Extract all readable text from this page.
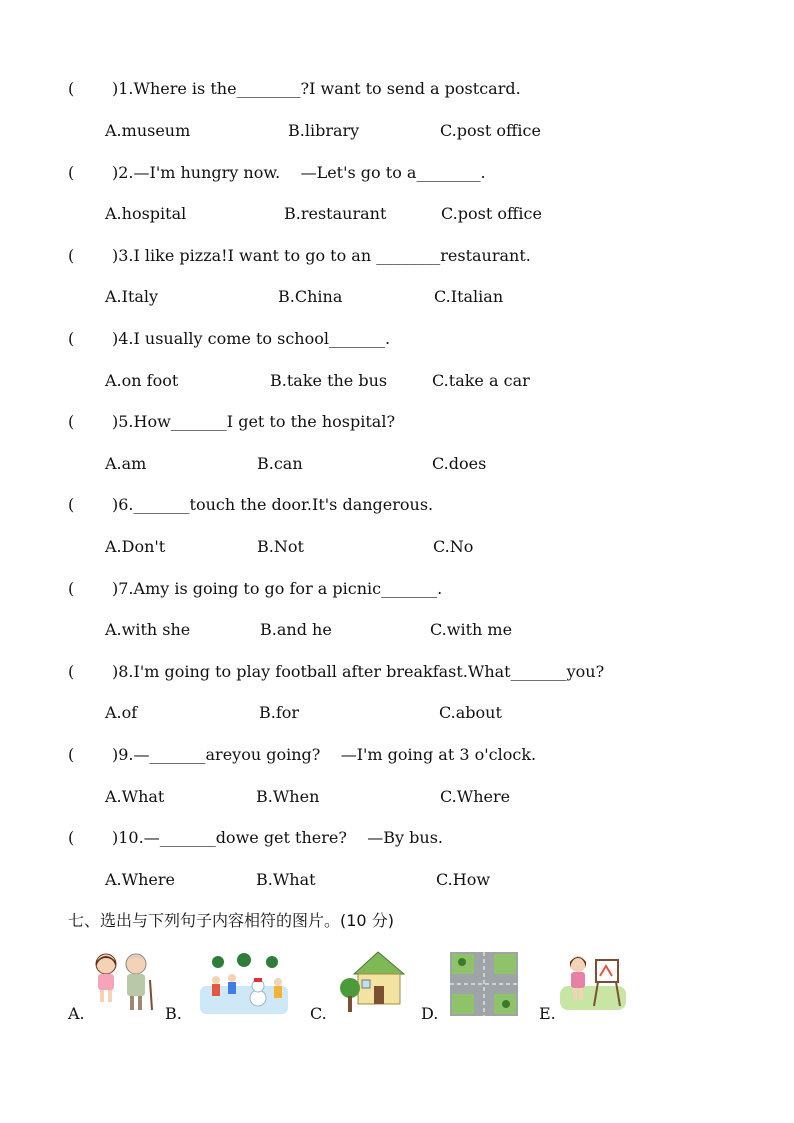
( )1.Where is the________?I want to send a postcard.
A.museum	B.library	C.post office
( )2.—I'm hungry now.    —Let's go to a________.
A.hospital	B.restaurant	C.post office
( )3.I like pizza!I want to go to an ________restaurant.
A.Italy	B.China	C.Italian
( )4.I usually come to school_______.
A.on foot	B.take the bus	C.take a car
( )5.How_______I get to the hospital?
A.am	B.can	C.does
( )6._______touch the door.It's dangerous.
A.Don't	B.Not	C.No
( )7.Amy is going to go for a picnic_______.
A.with she	B.and he	C.with me
( )8.I'm going to play football after breakfast.What_______you?
A.of	B.for	C.about
( )9.—_______areyou going?    —I'm going at 3 o'clock.
A.What	B.When	C.Where
( )10.—_______dowe get there?    —By bus.
A.Where	B.What	C.How
七、选出与下列句子内容相符的图片。(10 分)
A.	B.	C.	D.	E.
